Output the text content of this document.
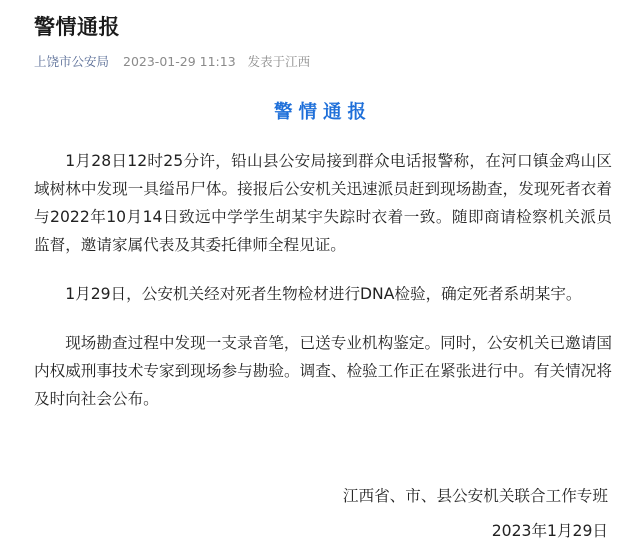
警情通报
上饶市公安局 2023-01-29 11:13 发表于江西
警情通报

1月28日12时25分许，铅山县公安局接到群众电话报警称，在河口镇金鸡山区域树林中发现一具缢吊尸体。接报后公安机关迅速派员赶到现场勘查，发现死者衣着与2022年10月14日致远中学学生胡某宇失踪时衣着一致。随即商请检察机关派员监督，邀请家属代表及其委托律师全程见证。

1月29日，公安机关经对死者生物检材进行DNA检验，确定死者系胡某宇。

现场勘查过程中发现一支录音笔，已送专业机构鉴定。同时，公安机关已邀请国内权威刑事技术专家到现场参与勘验。调查、检验工作正在紧张进行中。有关情况将及时向社会公布。

江西省、市、县公安机关联合工作专班
2023年1月29日
